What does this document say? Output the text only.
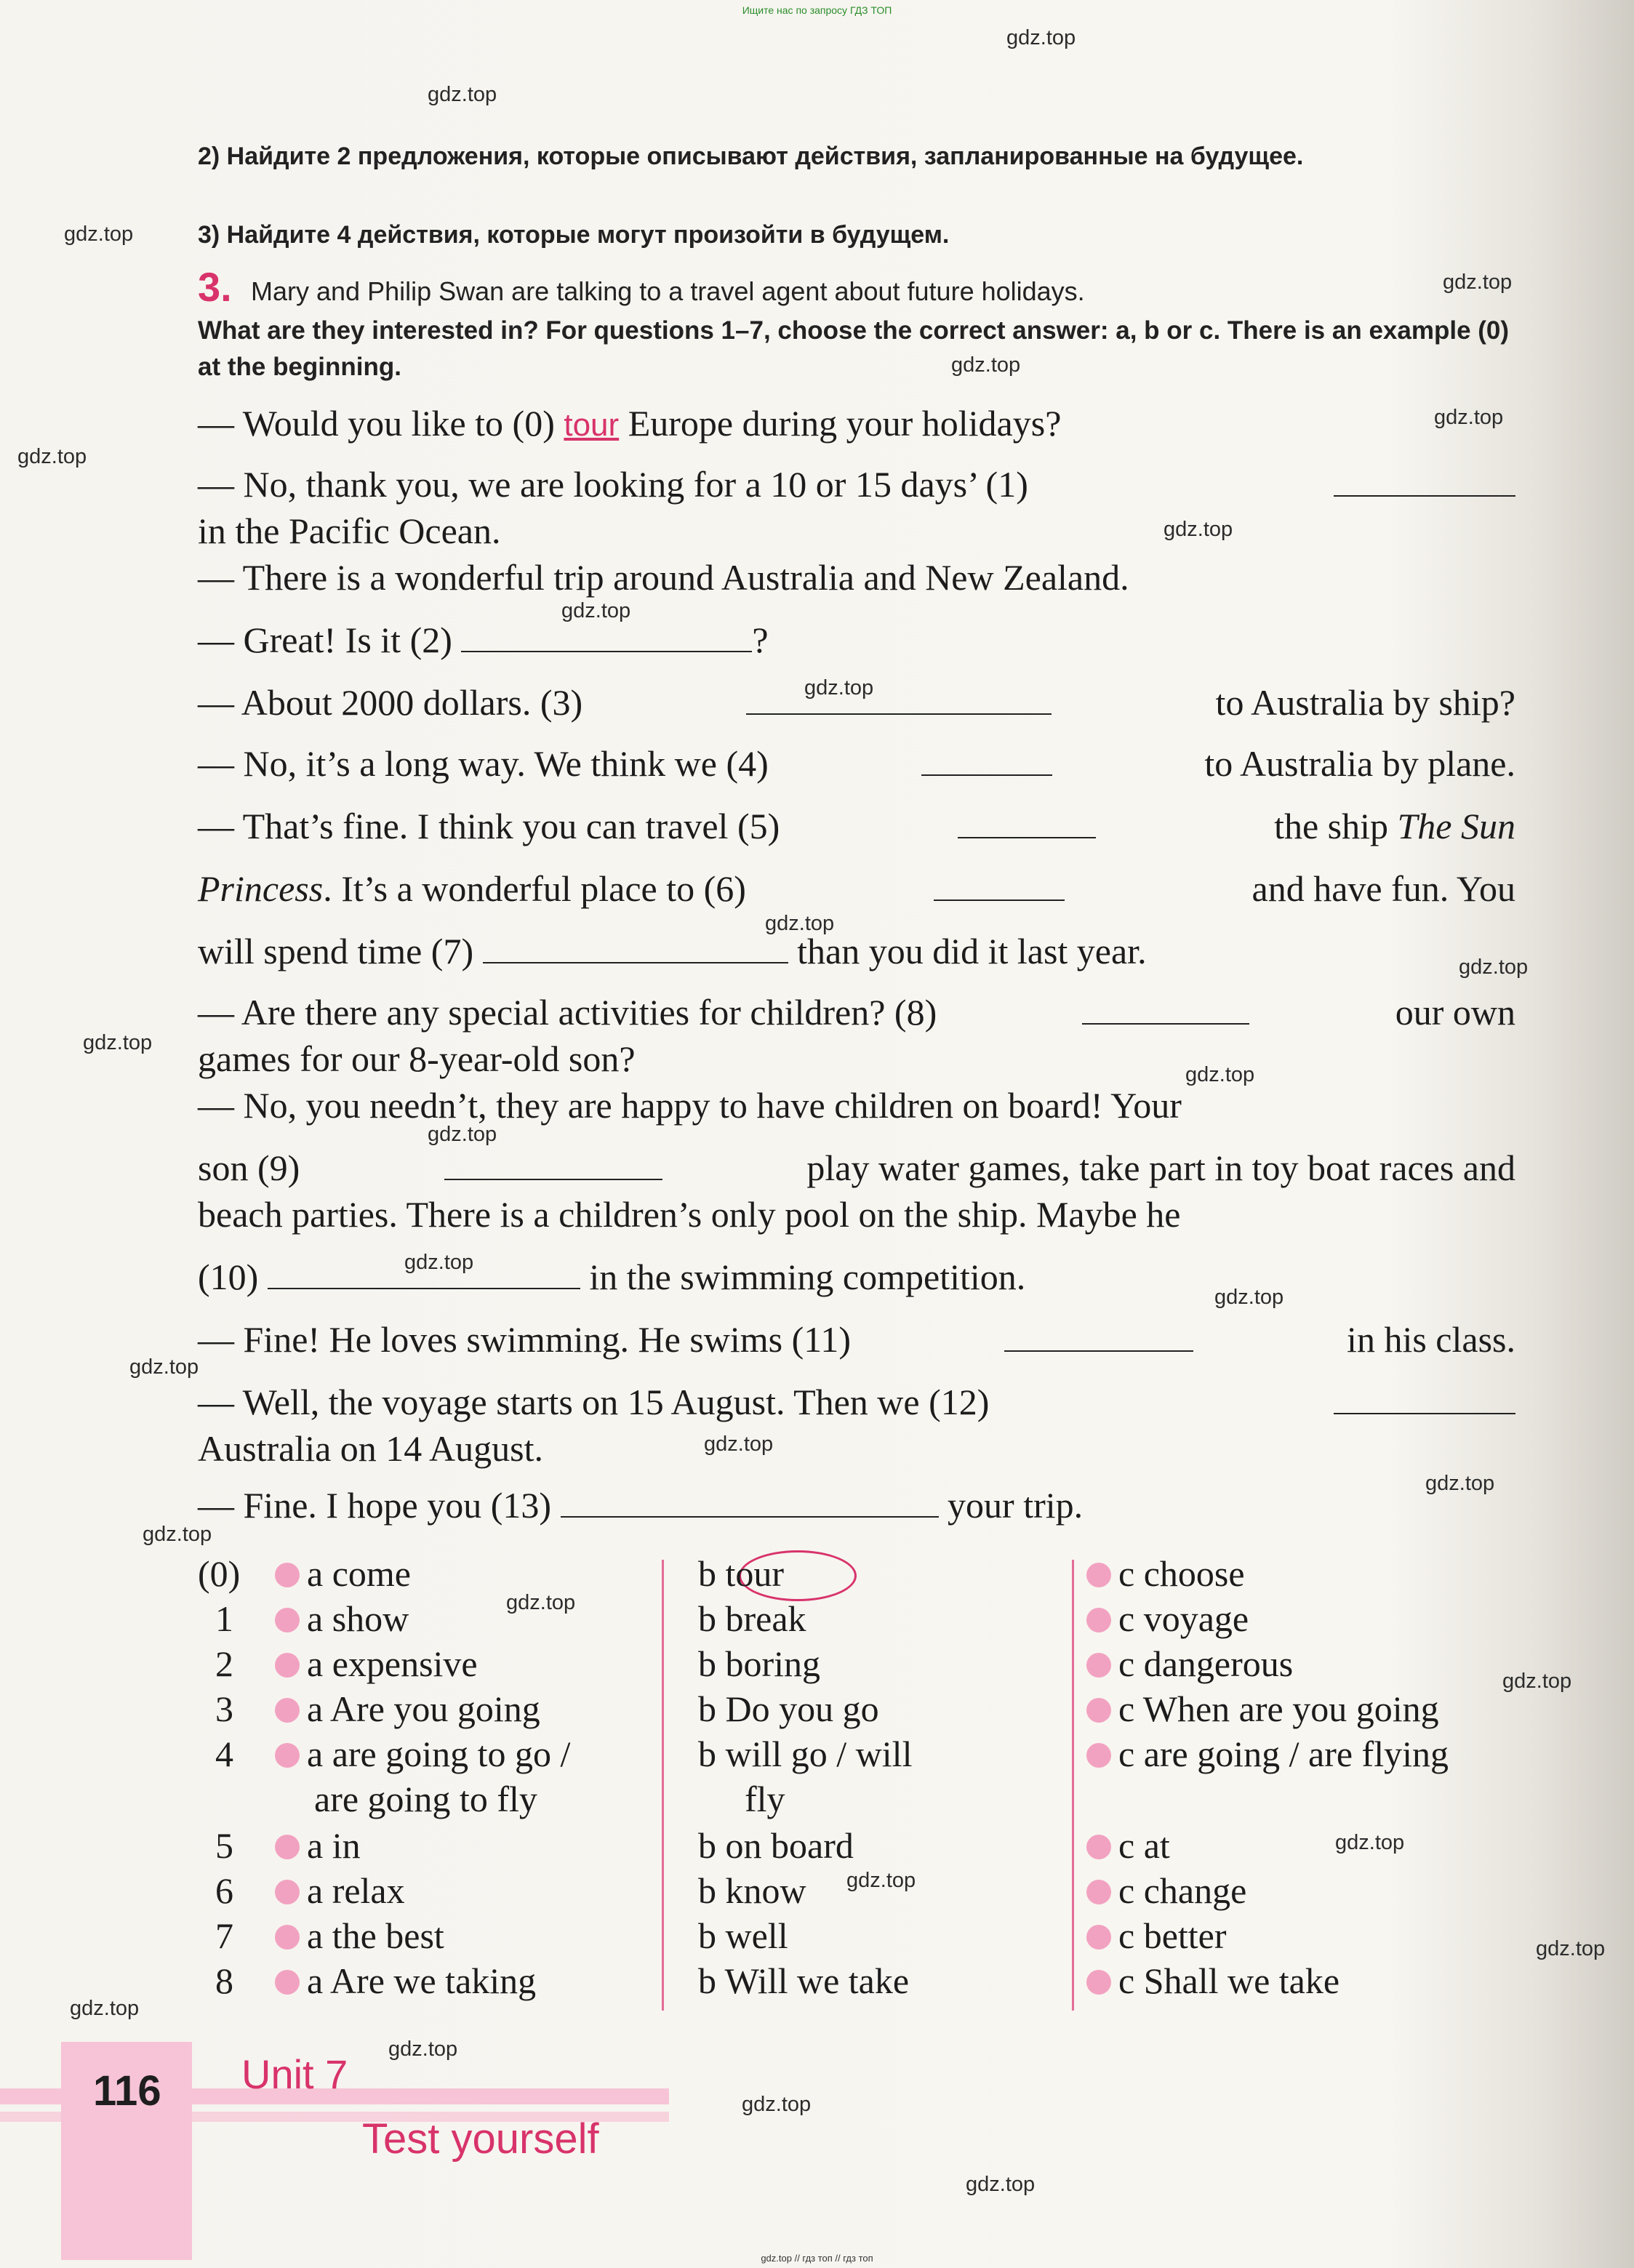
Ищите нас по запросу ГДЗ ТОП
gdz.top
gdz.top
gdz.top
gdz.top
gdz.top
gdz.top
gdz.top
gdz.top
gdz.top
gdz.top
gdz.top
gdz.top
gdz.top
gdz.top
gdz.top
gdz.top
gdz.top
gdz.top
gdz.top
gdz.top
gdz.top
gdz.top
gdz.top
gdz.top
gdz.top
gdz.top
gdz.top
gdz.top
gdz.top
gdz.top
2) Найдите 2 предложения, которые описывают действия, запланированные на будущее.
3) Найдите 4 действия, которые могут произойти в будущем.
3. Mary and Philip Swan are talking to a travel agent about future holidays.
What are they interested in? For questions 1–7, choose the correct answer: a, b or c. There is an example (0) at the beginning.
— Would you like to (0) tour Europe during your holidays?
— No, thank you, we are looking for a 10 or 15 days’ (1)
in the Pacific Ocean.
— There is a wonderful trip around Australia and New Zealand.
— Great! Is it (2)	?
— About 2000 dollars. (3)	to Australia by ship?
— No, it’s a long way. We think we (4)	to Australia by plane.
— That’s fine. I think you can travel (5)	the ship The Sun
Princess. It’s a wonderful place to (6)	and have fun. You
will spend time (7)	than you did it last year.
— Are there any special activities for children? (8)	our own
games for our 8-year-old son?
— No, you needn’t, they are happy to have children on board! Your
son (9)	play water games, take part in toy boat races and
beach parties. There is a children’s only pool on the ship. Maybe he
(10)	in the swimming competition.
— Fine! He loves swimming. He swims (11)	in his class.
— Well, the voyage starts on 15 August. Then we (12)
Australia on 14 August.
— Fine. I hope you (13)	your trip.
(0)	a come	b tour	c choose
1	a show	b break	c voyage
2	a expensive	b boring	c dangerous
3	a Are you going	b Do you go	c When are you going
4	a are going to go /
are going to fly
b will go / will
fly
c are going / are flying
5	a in	b on board	c at
6	a relax	b know	c change
7	a the best	b well	c better
8	a Are we taking	b Will we take	c Shall we take
116 Unit 7
Test yourself
gdz.top // гдз топ // гдз топ
